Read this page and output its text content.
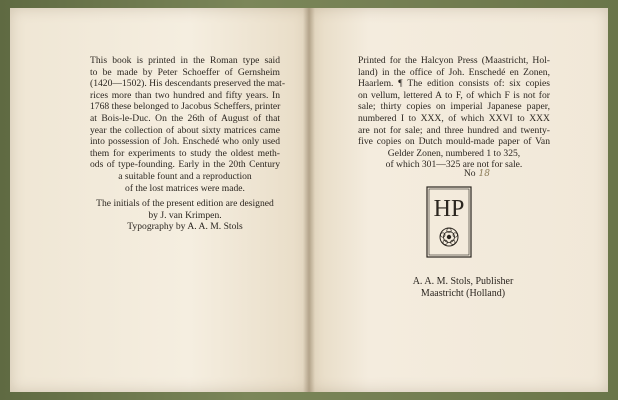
This book is printed in the Roman type said
to be made by Peter Schoeffer of Gernsheim
(1420—1502). His descendants preserved the mat-
rices more than two hundred and fifty years. In
1768 these belonged to Jacobus Scheffers, printer
at Bois-le-Duc. On the 26th of August of that
year the collection of about sixty matrices came
into possession of Joh. Enschedé who only used
them for experiments to study the oldest meth-
ods of type-founding. Early in the 20th Century
a suitable fount and a reproduction
of the lost matrices were made.
The initials of the present edition are designed
by J. van Krimpen.
Typography by A. A. M. Stols
Printed for the Halcyon Press (Maastricht, Hol-
land) in the office of Joh. Enschedé en Zonen,
Haarlem. ¶ The edition consists of: six copies
on vellum, lettered A to F, of which F is not for
sale; thirty copies on imperial Japanese paper,
numbered I to XXX, of which XXVI to XXX
are not for sale; and three hundred and twenty-
five copies on Dutch mould-made paper of Van
Gelder Zonen, numbered 1 to 325,
of which 301—325 are not for sale.
No 18
HP
A. A. M. Stols, Publisher
Maastricht (Holland)
